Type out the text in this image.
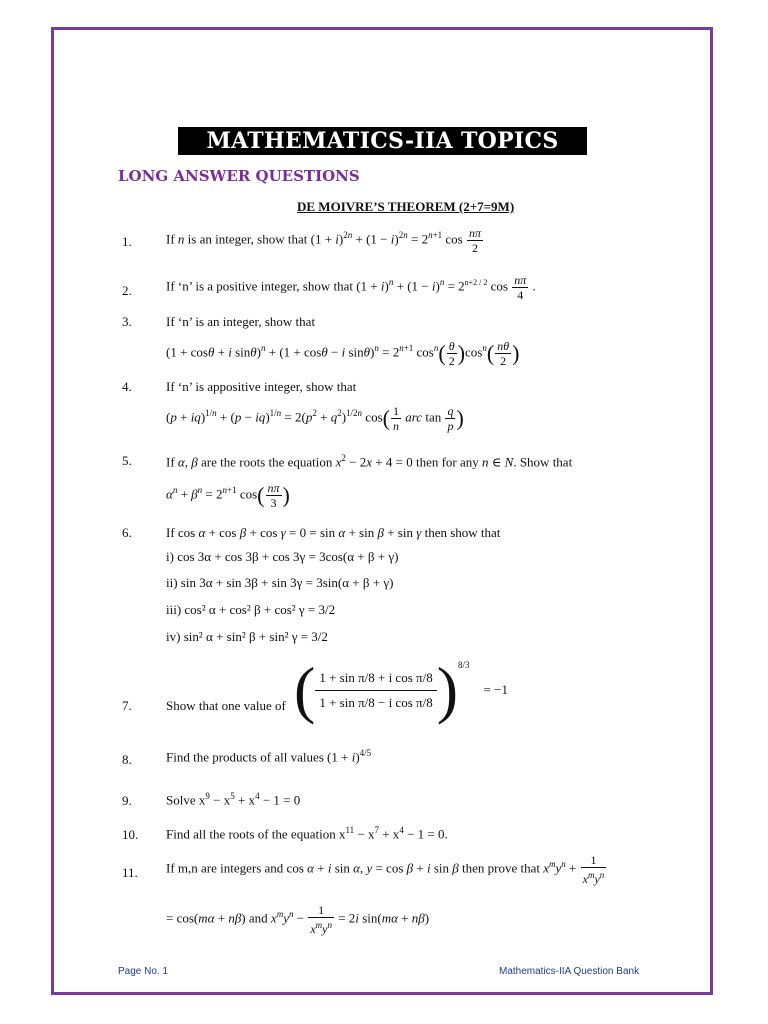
MATHEMATICS-IIA TOPICS WISE
LONG ANSWER QUESTIONS
DE MOIVRE’S THEOREM (2+7=9M)
1.	If n is an integer, show that $(1 + i)^{2n} + (1 - i)^{2n} = 2^{n+1}$ $\cos \frac{n\pi}{2}$
2.	If ‘n’ is a positive integer, show that $(1 + i)^n + (1 - i)^n = 2^{n+2 / 2}$ $\cos \frac{n\pi}{4}$ .
3.	If ‘n’ is an integer, show that
(1 + cosθ + i sinθ)$^n$ + (1 + cosθ − i $\sin\theta)^n = 2^{n+1}$ $\cos^n( \frac{\theta}{2} )\cos^n( \frac{n\theta}{2}$ )
4.	If ‘n’ is appositive integer, show that
$(p + iq)^{1/n} + (p - iq)^{1/n} = 2(p^2 + q^2)^{1/2n}$ $\cos( \frac{1}{n}$ arc $\tan \frac{q}{p}$ )
5.	If α, β are the roots the equation $x^2 - 2x + 4 = 0$ then for any n ∈ N. Show that
$\alpha^n + \beta^n = 2^{n+1}$ $\cos( \frac{n\pi}{3}$ )
6.	If cos α + cos β + cos γ = 0 = sin α + sin β + sin γ then show that
i) cos 3α + cos 3β + cos 3γ = 3cos(α + β + γ)
ii) sin 3α + sin 3β + sin 3γ = 3sin(α + β + γ)
iii) cos² α + cos² β + cos² γ = 3/2
iv) sin² α + sin² β + sin² γ = 3/2
7.	Show that one value of ( $\frac{\text{1 + sin π/8 + i cos π/8}}{\text{1 + sin π/8 − i cos π/8}} )^{8/3}$
= −1
8.	Find the products of all values $(1 + i)^{4/5}$
9.	Solve $x^9 - x^5 + x^4 - 1 = 0$
10. Find all the roots of the equation $x^{11} - x^7 + x^4 - 1 = 0$.
11. If m,n are integers and cos α + i sin α, y = cos β + i sin β then prove that $x^my^n + \frac{1}{x^my^n}$
= cos(mα + nβ) and $x^my^n - \frac{1}{x^my^n} = 2i$ sin(mα + nβ)
Page No. 1	Mathematics-IIA Question Bank
